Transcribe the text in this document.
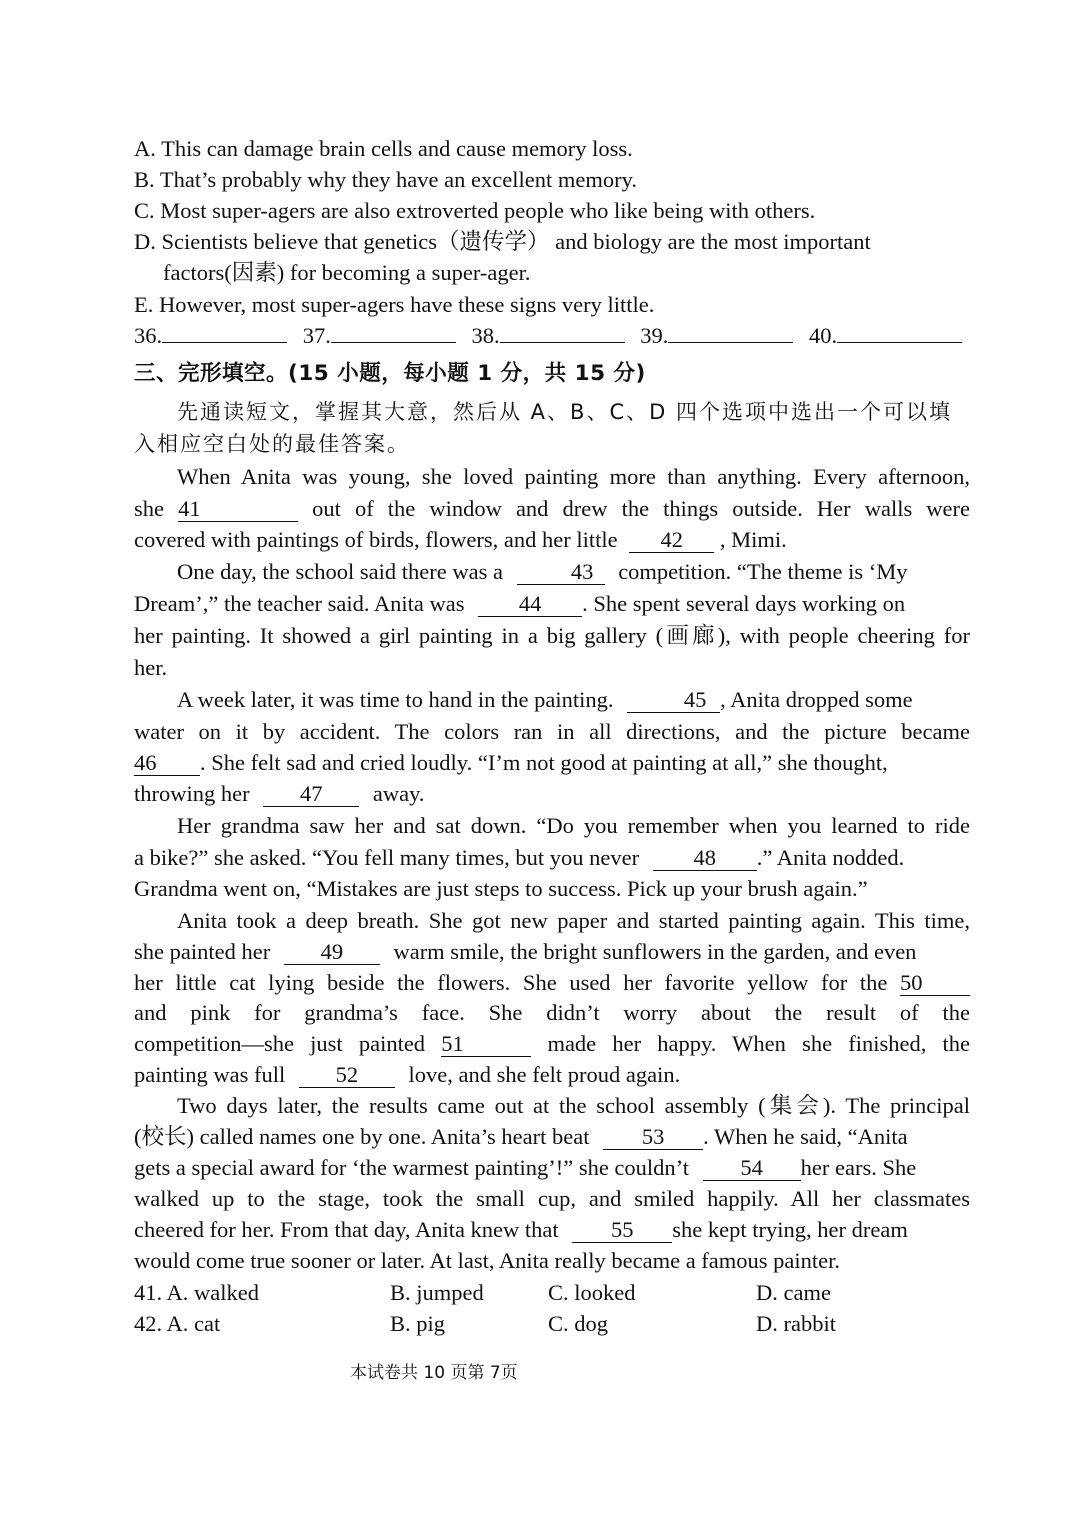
A. This can damage brain cells and cause memory loss.
B. That’s probably why they have an excellent memory.
C. Most super-agers are also extroverted people who like being with others.
D. Scientists believe that genetics（遗传学） and biology are the most important
factors(因素) for becoming a super-ager.
E. However, most super-agers have these signs very little.
36.	37.	38.	39.	40.
三、完形填空。(15 小题，每小题 1 分，共 15 分)
先通读短文，掌握其大意，然后从 A、B、C、D 四个选项中选出一个可以填
入相应空白处的最佳答案。
When Anita was young, she loved painting more than anything. Every afternoon,
she 41	out of the window and drew the things outside. Her walls were
covered with paintings of birds, flowers, and her little 42 , Mimi.
One day, the school said there was a	43 competition. “The theme is ‘My
Dream’,” the teacher said. Anita was 44 . She spent several days working on
her painting. It showed a girl painting in a big gallery (画廊), with people cheering for
her.
A week later, it was time to hand in the painting.	45 , Anita dropped some
water on it by accident. The colors ran in all directions, and the picture became
46 . She felt sad and cried loudly. “I’m not good at painting at all,” she thought,
throwing her 47 away.
Her grandma saw her and sat down. “Do you remember when you learned to ride
a bike?” she asked. “You fell many times, but you never 48 .” Anita nodded.
Grandma went on, “Mistakes are just steps to success. Pick up your brush again.”
Anita took a deep breath. She got new paper and started painting again. This time,
she painted her 49 warm smile, the bright sunflowers in the garden, and even
her little cat lying beside the flowers. She used her favorite yellow for the 50
and pink for grandma’s face. She didn’t worry about the result of the
competition—she just painted 51	made her happy. When she finished, the
painting was full 52 love, and she felt proud again.
Two days later, the results came out at the school assembly (集会). The principal
(校长) called names one by one. Anita’s heart beat 53 . When he said, “Anita
gets a special award for ‘the warmest painting’!” she couldn’t 54 her ears. She
walked up to the stage, took the small cup, and smiled happily. All her classmates
cheered for her. From that day, Anita knew that 55 she kept trying, her dream
would come true sooner or later. At last, Anita really became a famous painter.
41. A. walked	B. jumped	C. looked	D. came
42. A. cat	B. pig	C. dog	D. rabbit
本试卷共 10 页第 7页
